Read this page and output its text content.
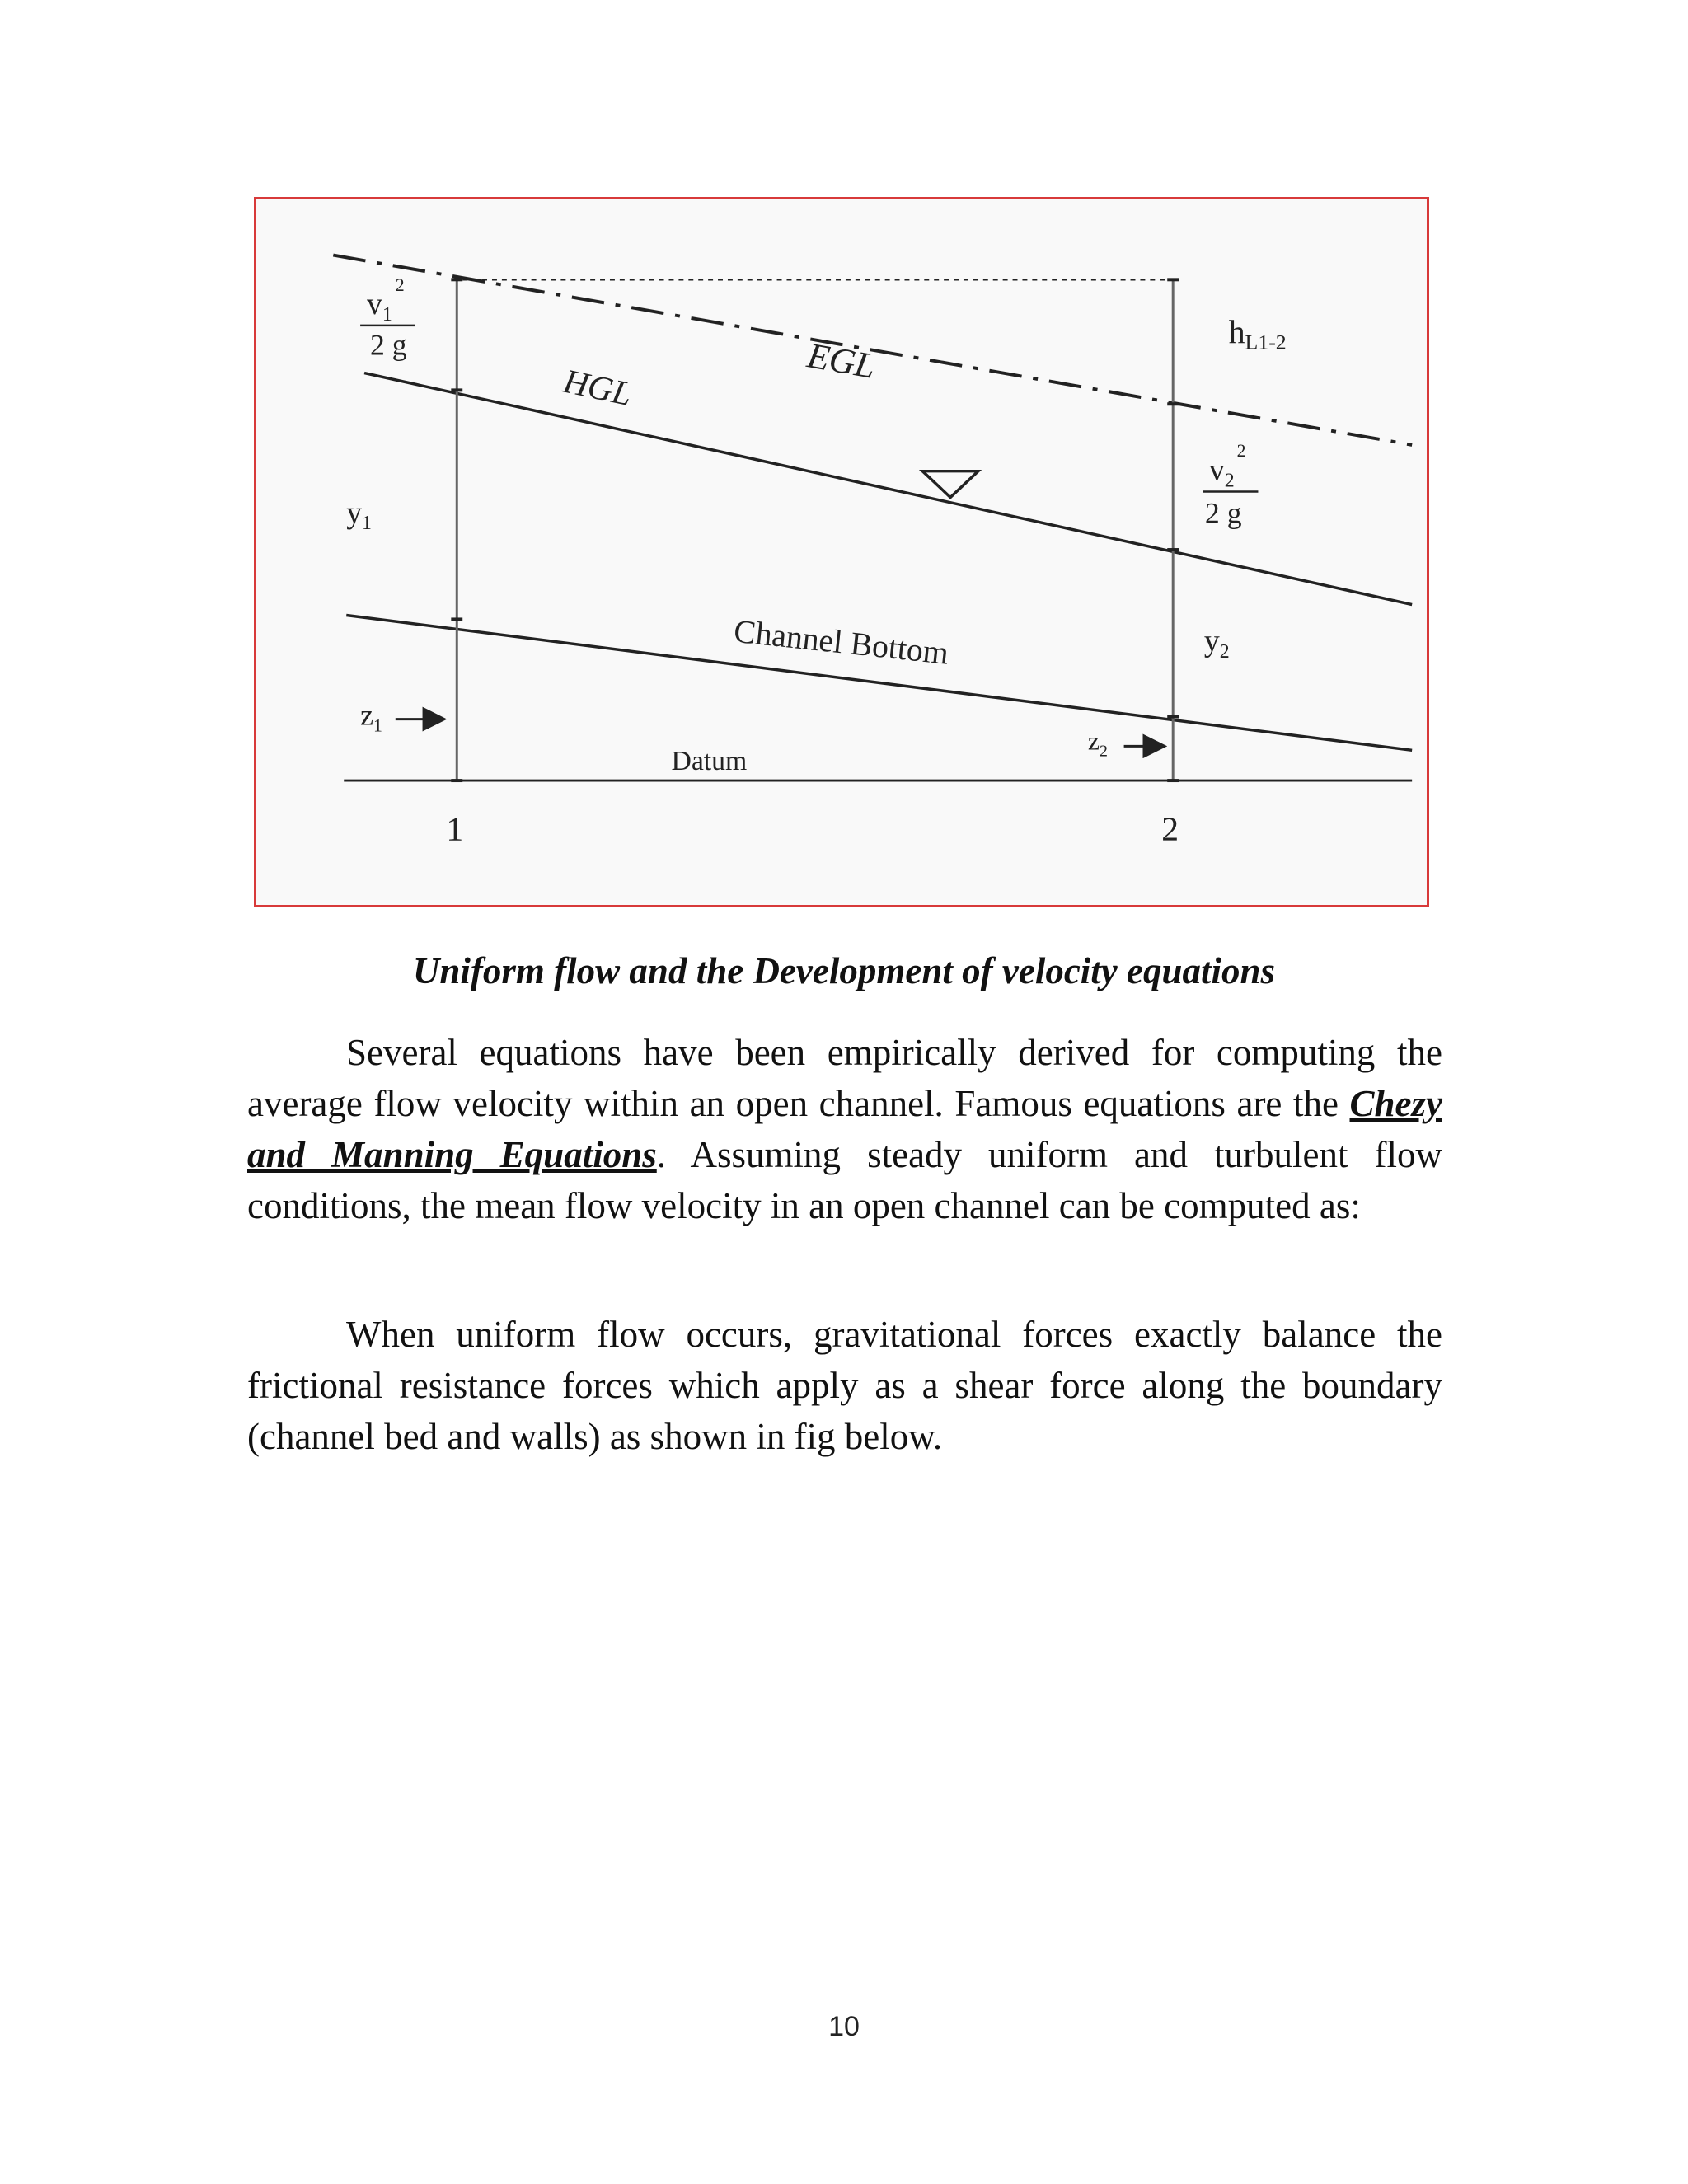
$v_1$
2
2 g	EGL
HGL
$h_{L1-2}$
$v_2$
2
2 g
$y_1$
$y_2$
Channel Bottom
$z_1$
$z_2$
Datum
1	2
Uniform flow and the Development of velocity equations

Several equations have been empirically derived for computing the average flow velocity within an open channel. Famous equations are the Chezy and Manning Equations. Assuming steady uniform and turbulent flow conditions, the mean flow velocity in an open channel can be computed as:

When uniform flow occurs, gravitational forces exactly balance the frictional resistance forces which apply as a shear force along the boundary (channel bed and walls) as shown in fig below.

10
